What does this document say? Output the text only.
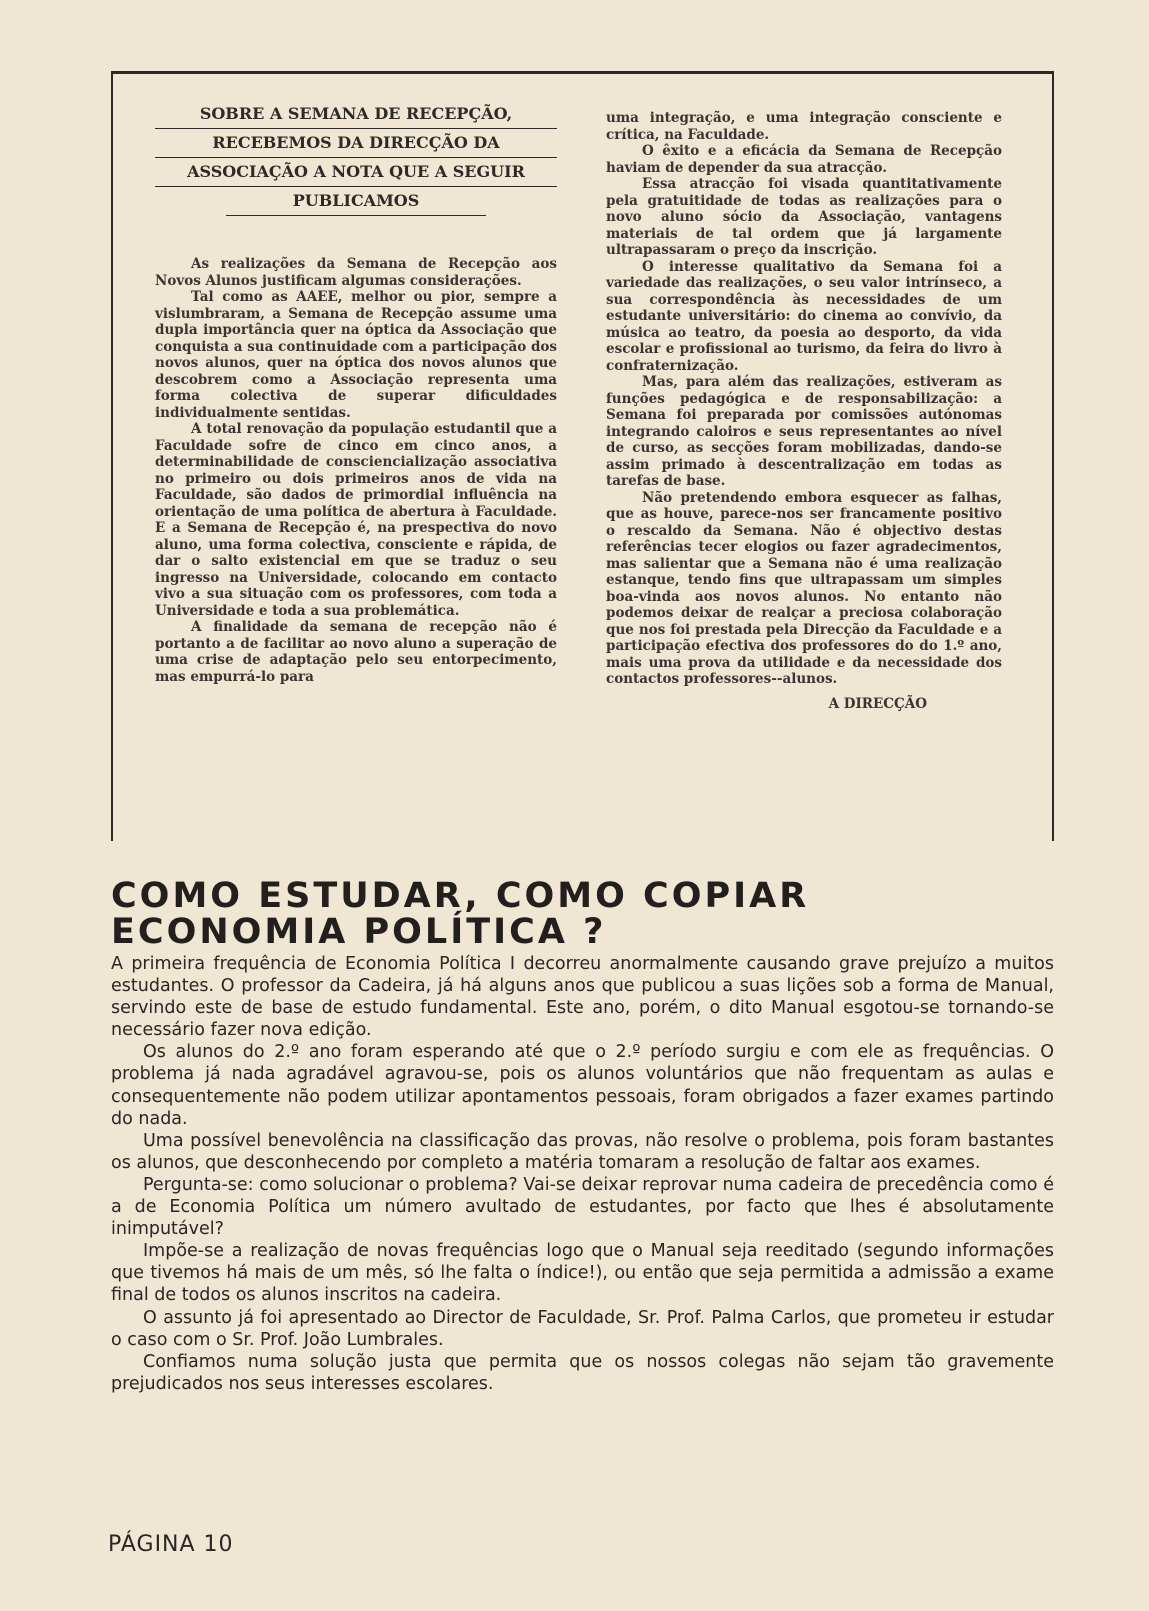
SOBRE A SEMANA DE RECEPÇÃO,
RECEBEMOS DA DIRECÇÃO DA
ASSOCIAÇÃO A NOTA QUE A SEGUIR
PUBLICAMOS

As realizações da Semana de Recepção aos Novos Alunos justificam algumas considerações.

Tal como as AAEE, melhor ou pior, sempre a vislumbraram, a Semana de Recepção assume uma dupla importância quer na óptica da Associação que conquista a sua continuidade com a participação dos novos alunos, quer na óptica dos novos alunos que descobrem como a Associação representa uma forma colectiva de superar dificuldades individualmente sentidas.

A total renovação da população estudantil que a Faculdade sofre de cinco em cinco anos, a determinabilidade de consciencialização associativa no primeiro ou dois primeiros anos de vida na Faculdade, são dados de primordial influência na orientação de uma política de abertura à Faculdade. E a Semana de Recepção é, na prespectiva do novo aluno, uma forma colectiva, consciente e rápida, de dar o salto existencial em que se traduz o seu ingresso na Universidade, colocando em contacto vivo a sua situação com os professores, com toda a Universidade e toda a sua problemática.

A finalidade da semana de recepção não é portanto a de facilitar ao novo aluno a superação de uma crise de adaptação pelo seu entorpecimento, mas empurrá-lo para

uma integração, e uma integração consciente e crítica, na Faculdade.

O êxito e a eficácia da Semana de Recepção haviam de depender da sua atracção.

Essa atracção foi visada quantitativamente pela gratuitidade de todas as realizações para o novo aluno sócio da Associação, vantagens materiais de tal ordem que já largamente ultrapassaram o preço da inscrição.

O interesse qualitativo da Semana foi a variedade das realizações, o seu valor intrínseco, a sua correspondência às necessidades de um estudante universitário: do cinema ao convívio, da música ao teatro, da poesia ao desporto, da vida escolar e profissional ao turismo, da feira do livro à confraternização.

Mas, para além das realizações, estiveram as funções pedagógica e de responsabilização: a Semana foi preparada por comissões autónomas integrando caloiros e seus representantes ao nível de curso, as secções foram mobilizadas, dando-se assim primado à descentralização em todas as tarefas de base.

Não pretendendo embora esquecer as falhas, que as houve, parece-nos ser francamente positivo o rescaldo da Semana. Não é objectivo destas referências tecer elogios ou fazer agradecimentos, mas salientar que a Semana não é uma realização estanque, tendo fins que ultrapassam um simples boa-vinda aos novos alunos. No entanto não podemos deixar de realçar a preciosa colaboração que nos foi prestada pela Direcção da Faculdade e a participação efectiva dos professores do do 1.º ano, mais uma prova da utilidade e da necessidade dos contactos professores--alunos.

A DIRECÇÃO
COMO ESTUDAR, COMO COPIAR
ECONOMIA POLÍTICA ?

A primeira frequência de Economia Política I decorreu anormalmente causando grave prejuízo a muitos estudantes. O professor da Cadeira, já há alguns anos que publicou a suas lições sob a forma de Manual, servindo este de base de estudo fundamental. Este ano, porém, o dito Manual esgotou-se tornando-se necessário fazer nova edição.

Os alunos do 2.º ano foram esperando até que o 2.º período surgiu e com ele as frequências. O problema já nada agradável agravou-se, pois os alunos voluntários que não frequentam as aulas e consequentemente não podem utilizar apontamentos pessoais, foram obrigados a fazer exames partindo do nada.

Uma possível benevolência na classificação das provas, não resolve o problema, pois foram bastantes os alunos, que desconhecendo por completo a matéria tomaram a resolução de faltar aos exames.

Pergunta-se: como solucionar o problema? Vai-se deixar reprovar numa cadeira de precedência como é a de Economia Política um número avultado de estudantes, por facto que lhes é absolutamente inimputável?

Impõe-se a realização de novas frequências logo que o Manual seja reeditado (segundo informações que tivemos há mais de um mês, só lhe falta o índice!), ou então que seja permitida a admissão a exame final de todos os alunos inscritos na cadeira.

O assunto já foi apresentado ao Director de Faculdade, Sr. Prof. Palma Carlos, que prometeu ir estudar o caso com o Sr. Prof. João Lumbrales.

Confiamos numa solução justa que permita que os nossos colegas não sejam tão gravemente prejudicados nos seus interesses escolares.

PÁGINA 10
